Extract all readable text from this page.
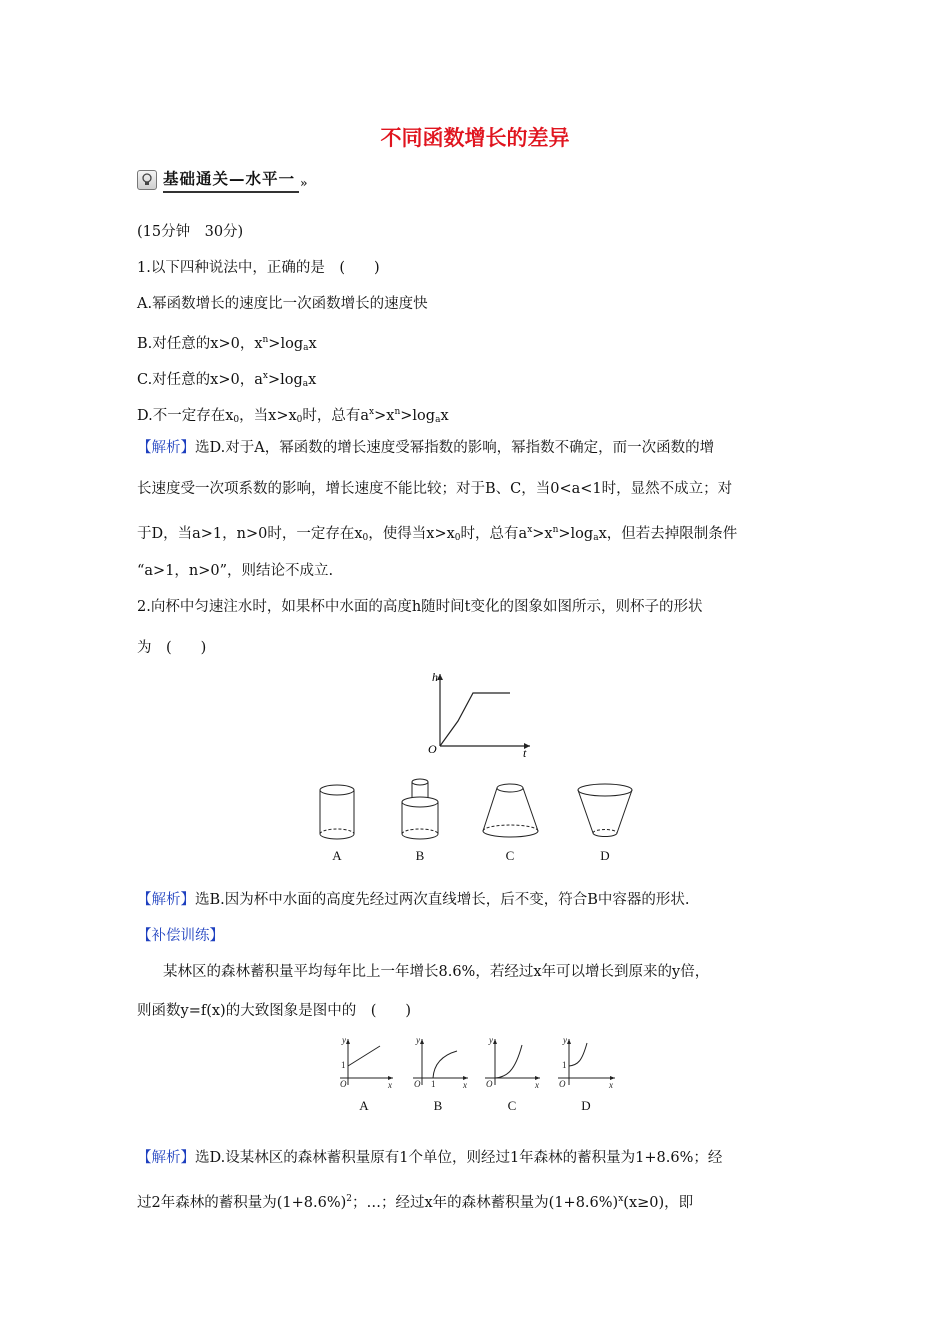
不同函数增长的差异
基础通关—水平一 »
(15分钟　30分)
1.以下四种说法中，正确的是　(　　)
A.幂函数增长的速度比一次函数增长的速度快
B.对任意的x>0，$x^n>\log_ax$
C.对任意的x>0，$a^x>\log_ax$
D.不一定存在$x_0$，当$x>x_0$时，总有$a^x>x^n>\log_ax$
【解析】选D.对于A，幂函数的增长速度受幂指数的影响，幂指数不确定，而一次函数的增
长速度受一次项系数的影响，增长速度不能比较；对于B、C，当0<a<1时，显然不成立；对
于D，当a>1，n>0时，一定存在$x_0$，使得当$x>x_0$时，总有$a^x>x^n>\log_ax$，但若去掉限制条件
“a>1，n>0”，则结论不成立.
2.向杯中匀速注水时，如果杯中水面的高度h随时间t变化的图象如图所示，则杯子的形状
为　(　　)
h
t
O
A	B	C	D
【解析】选B.因为杯中水面的高度先经过两次直线增长，后不变，符合B中容器的形状.
【补偿训练】
某林区的森林蓄积量平均每年比上一年增长8.6%，若经过x年可以增长到原来的y倍，
则函数y=f(x)的大致图象是图中的　(　　)
y
x
O
1
y
x
O 1
y
x
O
y
x
O
1
A	B	C	D
【解析】选D.设某林区的森林蓄积量原有1个单位，则经过1年森林的蓄积量为1+8.6%；经
过2年森林的蓄积量为$(1+8.6\%)^2$；…；经过x年的森林蓄积量为$(1+8.6\%)^x(x\ge 0)$，即
